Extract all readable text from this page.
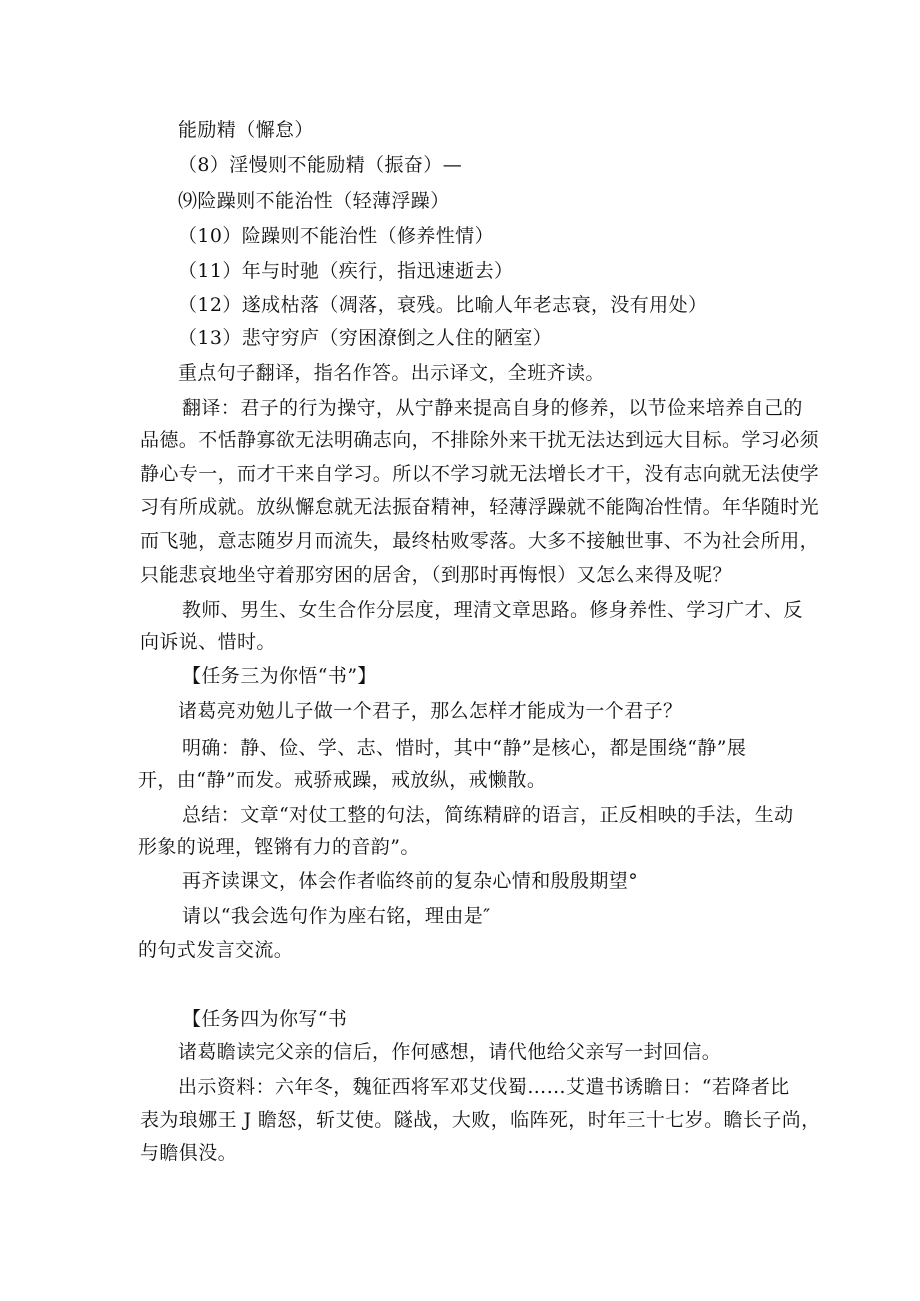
能励精（懈怠）

（8）淫慢则不能励精（振奋）—

⑼险躁则不能治性（轻薄浮躁）

（10）险躁则不能治性（修养性情）

（11）年与时驰（疾行，指迅速逝去）

（12）遂成枯落（凋落，衰残。比喻人年老志衰，没有用处）

（13）悲守穷庐（穷困潦倒之人住的陋室）

重点句子翻译，指名作答。出示译文，全班齐读。

翻译：君子的行为操守，从宁静来提高自身的修养，以节俭来培养自己的

品德。不恬静寡欲无法明确志向，不排除外来干扰无法达到远大目标。学习必须

静心专一，而才干来自学习。所以不学习就无法增长才干，没有志向就无法使学

习有所成就。放纵懈怠就无法振奋精神，轻薄浮躁就不能陶冶性情。年华随时光

而飞驰，意志随岁月而流失，最终枯败零落。大多不接触世事、不为社会所用，

只能悲哀地坐守着那穷困的居舍，（到那时再悔恨）又怎么来得及呢？

教师、男生、女生合作分层度，理清文章思路。修身养性、学习广才、反

向诉说、惜时。

【任务三为你悟“书”】

诸葛亮劝勉儿子做一个君子，那么怎样才能成为一个君子？

明确：静、俭、学、志、惜时，其中“静”是核心，都是围绕“静”展

开，由“静”而发。戒骄戒躁，戒放纵，戒懒散。

总结：文章“对仗工整的句法，简练精辟的语言，正反相映的手法，生动

形象的说理，铿锵有力的音韵”。

再齐读课文，体会作者临终前的复杂心情和殷殷期望°

请以“我会选句作为座右铭，理由是″

的句式发言交流。

【任务四为你写“书

诸葛瞻读完父亲的信后，作何感想，请代他给父亲写一封回信。

出示资料：六年冬，魏征西将军邓艾伐蜀……艾遣书诱瞻日：“若降者比

表为琅娜王 J 瞻怒，斩艾使。隧战，大败，临阵死，时年三十七岁。瞻长子尚，

与瞻俱没。
